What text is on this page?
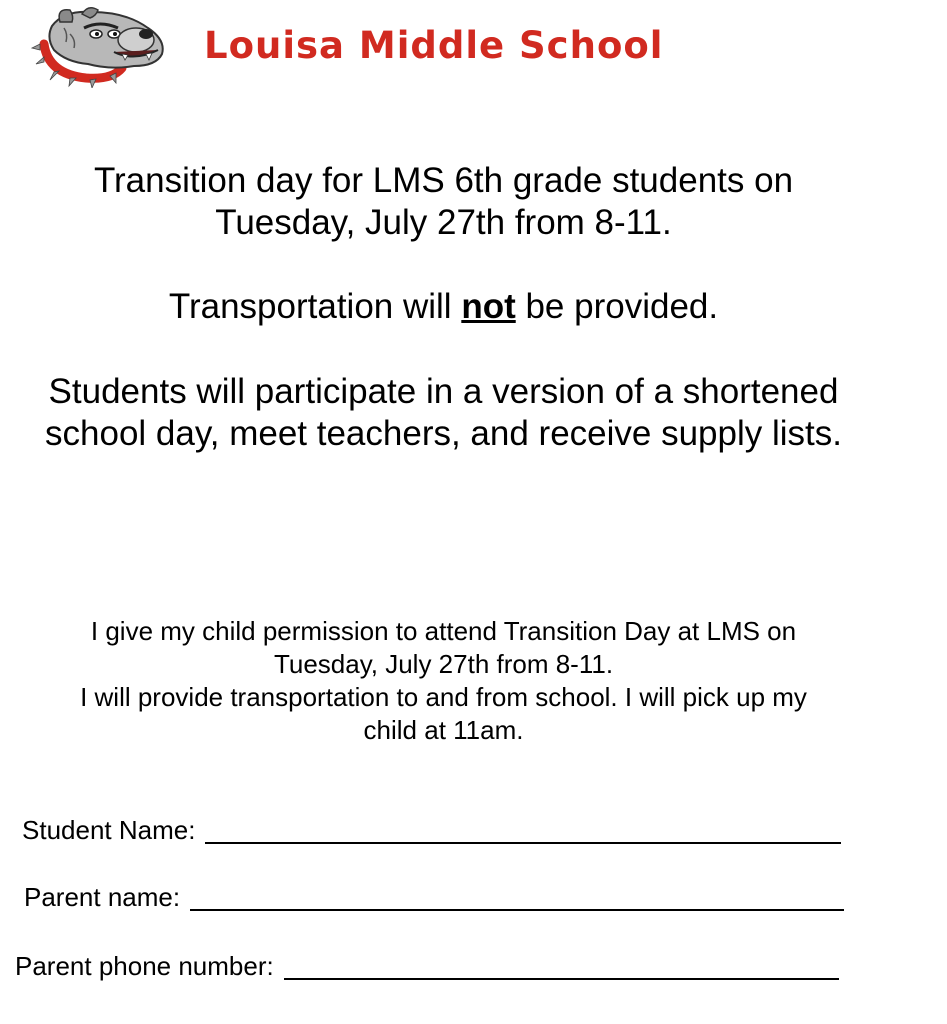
Louisa Middle School
Transition day for LMS 6th grade students on
Tuesday, July 27th from 8-11.
Transportation will not be provided.
Students will participate in a version of a shortened
school day, meet teachers, and receive supply lists.
I give my child permission to attend Transition Day at LMS on
Tuesday, July 27th from 8-11.
I will provide transportation to and from school. I will pick up my
child at 11am.
Student Name:
Parent name:
Parent phone number:
